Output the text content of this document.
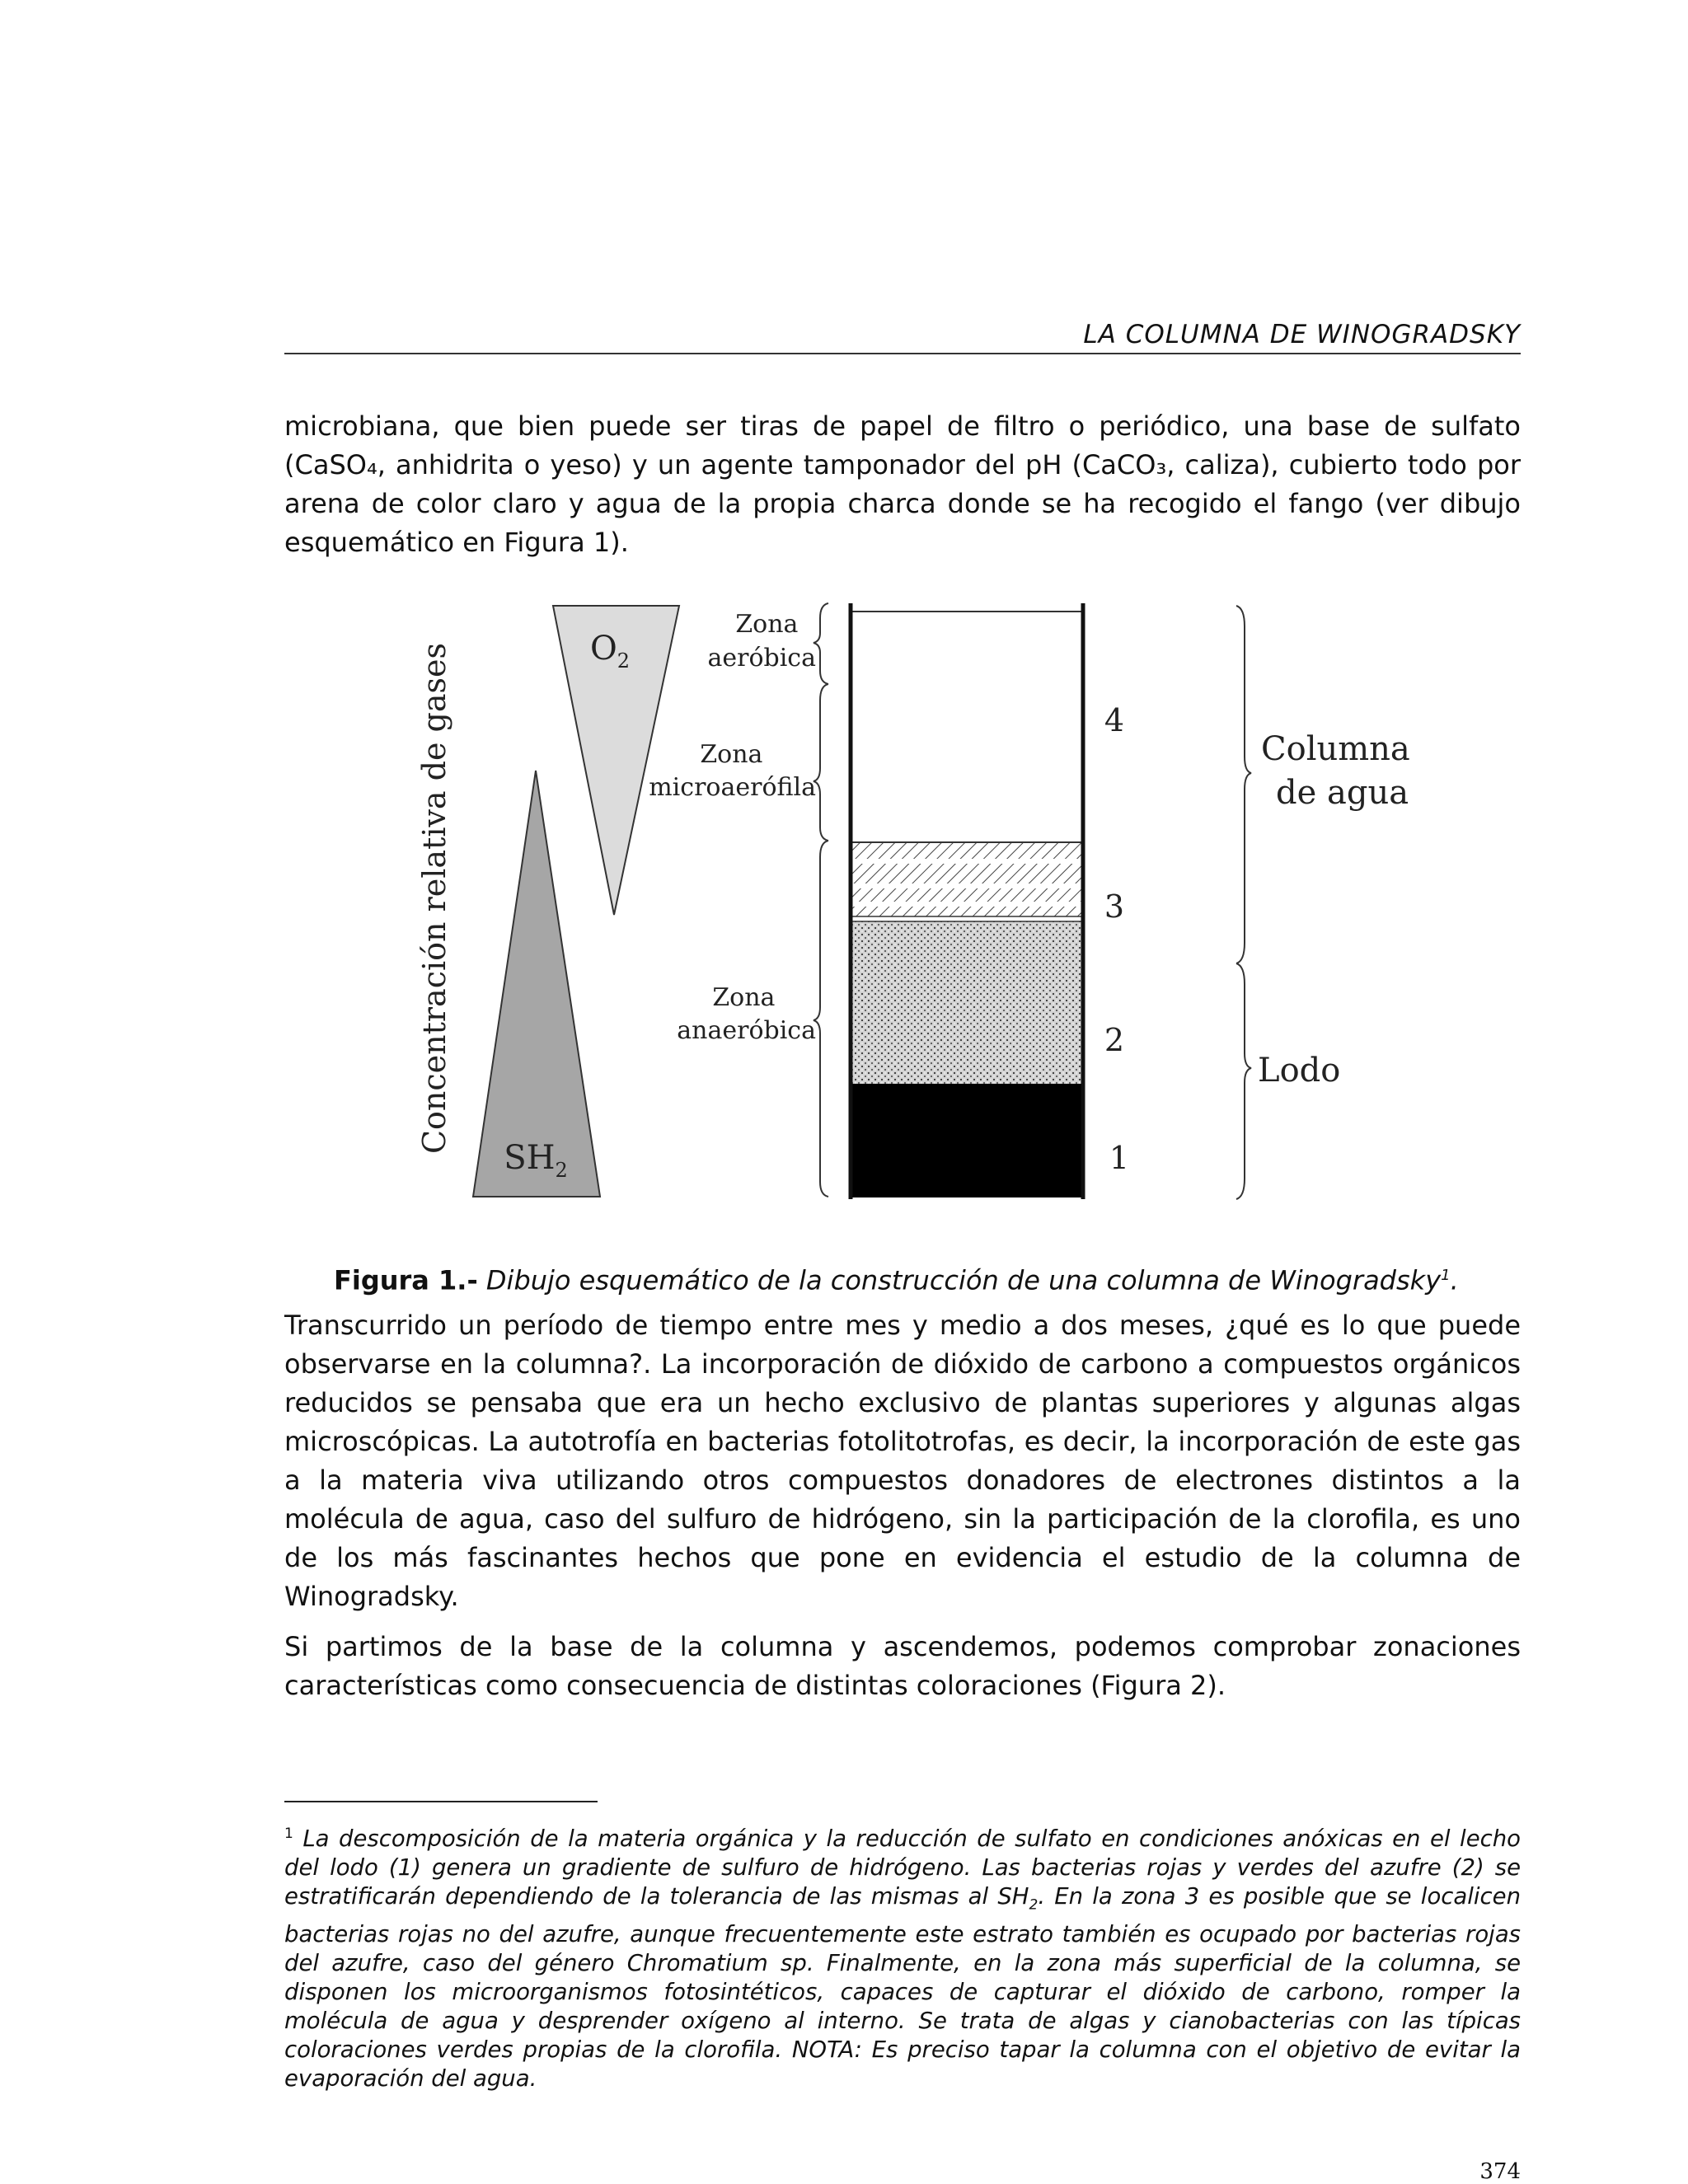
LA COLUMNA DE WINOGRADSKY

microbiana, que bien puede ser tiras de papel de filtro o periódico, una base de sulfato (CaSO₄, anhidrita o yeso) y un agente tamponador del pH (CaCO₃, caliza), cubierto todo por arena de color claro y agua de la propia charca donde se ha recogido el fango (ver dibujo esquemático en Figura 1).

Concentración relativa de gases	$O_2$
$SH_2$
Zona aeróbica
Zona microaerófila
Zona anaeróbica
4 3 2 1
Columna de agua Lodo
Figura 1.- Dibujo esquemático de la construcción de una columna de Winogradsky$^1$.

Transcurrido un período de tiempo entre mes y medio a dos meses, ¿qué es lo que puede observarse en la columna?. La incorporación de dióxido de carbono a compuestos orgánicos reducidos se pensaba que era un hecho exclusivo de plantas superiores y algunas algas microscópicas. La autotrofía en bacterias fotolitotrofas, es decir, la incorporación de este gas a la materia viva utilizando otros compuestos donadores de electrones distintos a la molécula de agua, caso del sulfuro de hidrógeno, sin la participación de la clorofila, es uno de los más fascinantes hechos que pone en evidencia el estudio de la columna de Winogradsky.

Si partimos de la base de la columna y ascendemos, podemos comprobar zonaciones características como consecuencia de distintas coloraciones (Figura 2).

$^1$ La descomposición de la materia orgánica y la reducción de sulfato en condiciones anóxicas en el lecho del lodo (1) genera un gradiente de sulfuro de hidrógeno. Las bacterias rojas y verdes del azufre (2) se estratificarán dependiendo de la tolerancia de las mismas al $SH_2$. En la zona 3 es posible que se localicen bacterias rojas no del azufre, aunque frecuentemente este estrato también es ocupado por bacterias rojas del azufre, caso del género Chromatium sp. Finalmente, en la zona más superficial de la columna, se disponen los microorganismos fotosintéticos, capaces de capturar el dióxido de carbono, romper la molécula de agua y desprender oxígeno al interno. Se trata de algas y cianobacterias con las típicas coloraciones verdes propias de la clorofila. NOTA: Es preciso tapar la columna con el objetivo de evitar la evaporación del agua.
374
